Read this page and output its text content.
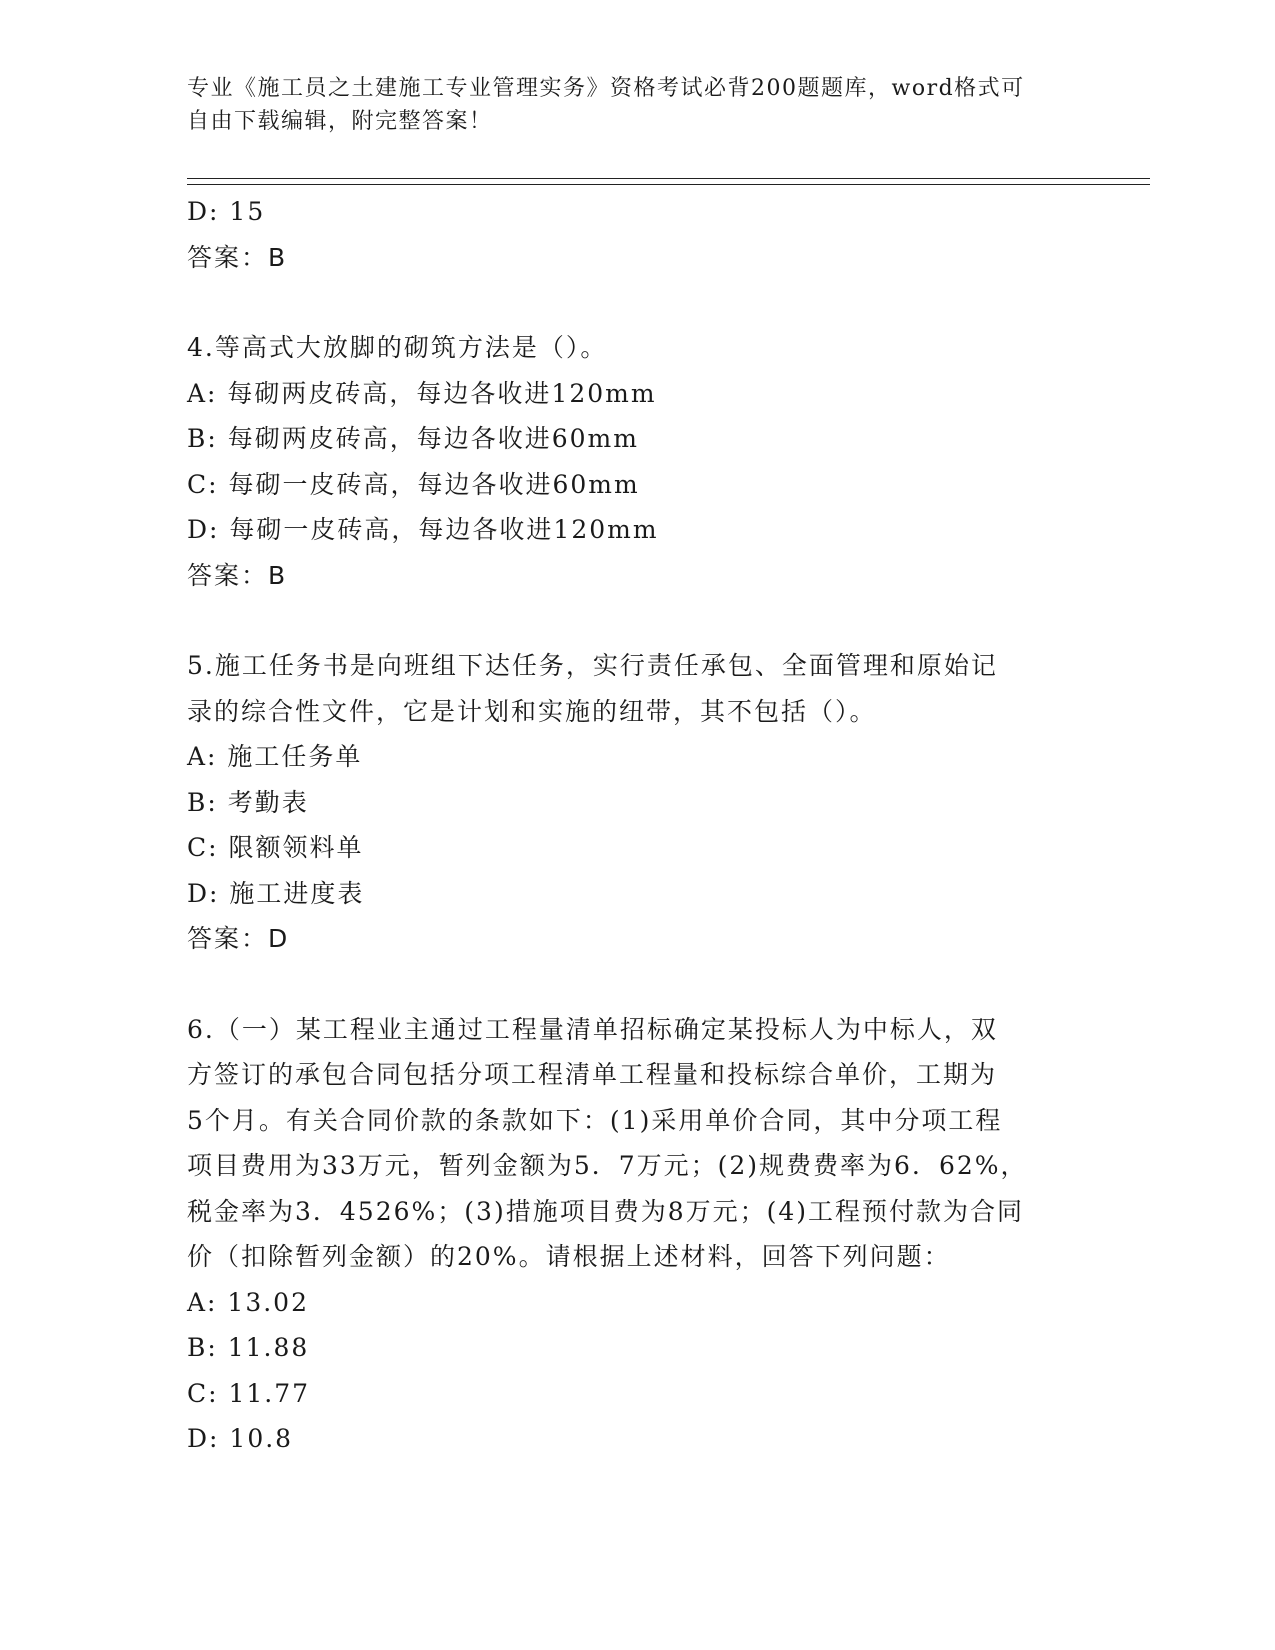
专业《施工员之土建施工专业管理实务》资格考试必背200题题库，word格式可
自由下载编辑，附完整答案！
D: 15
答案：B
4.等高式大放脚的砌筑方法是（）。
A: 每砌两皮砖高，每边各收进120mm
B: 每砌两皮砖高，每边各收进60mm
C: 每砌一皮砖高，每边各收进60mm
D: 每砌一皮砖高，每边各收进120mm
答案：B
5.施工任务书是向班组下达任务，实行责任承包、全面管理和原始记
录的综合性文件，它是计划和实施的纽带，其不包括（）。
A: 施工任务单
B: 考勤表
C: 限额领料单
D: 施工进度表
答案：D
6.（一）某工程业主通过工程量清单招标确定某投标人为中标人，双
方签订的承包合同包括分项工程清单工程量和投标综合单价，工期为
5个月。有关合同价款的条款如下：(1)采用单价合同，其中分项工程
项目费用为33万元，暂列金额为5．7万元；(2)规费费率为6．62%，
税金率为3．4526%；(3)措施项目费为8万元；(4)工程预付款为合同
价（扣除暂列金额）的20%。请根据上述材料，回答下列问题：
A: 13.02
B: 11.88
C: 11.77
D: 10.8
